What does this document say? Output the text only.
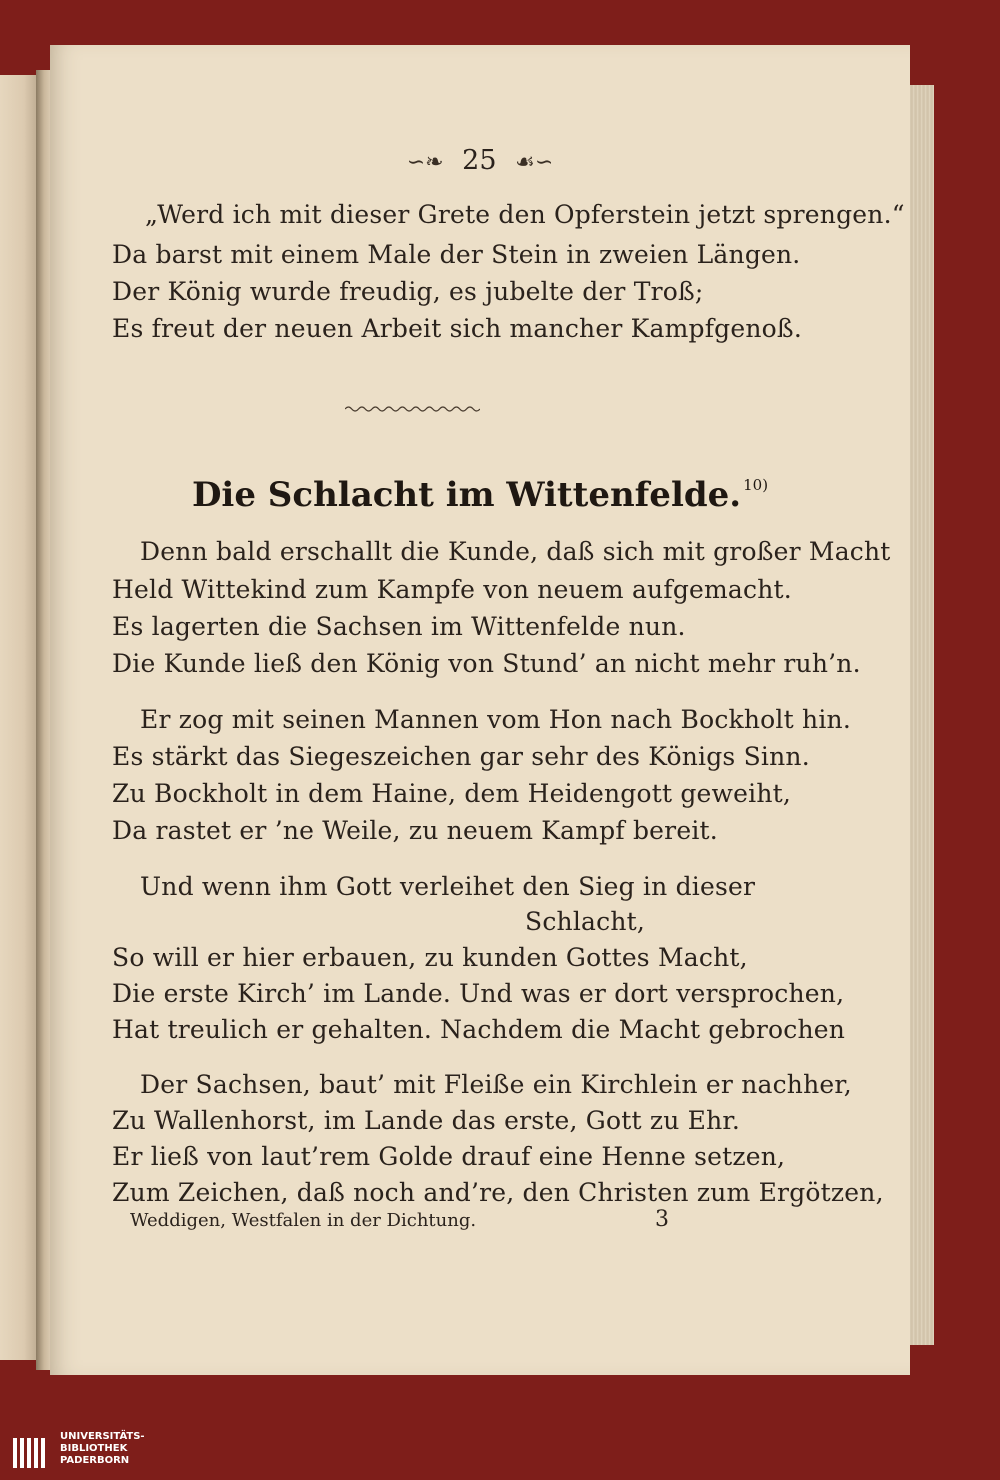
∽❧ 25 ☙∽
„Werd ich mit dieser Grete den Opferstein jetzt sprengen.“
Da barst mit einem Male der Stein in zweien Längen.
Der König wurde freudig, es jubelte der Troß;
Es freut der neuen Arbeit sich mancher Kampfgenoß.
Die Schlacht im Wittenfelde. $^{10)}$
Denn bald erschallt die Kunde, daß sich mit großer Macht
Held Wittekind zum Kampfe von neuem aufgemacht.
Es lagerten die Sachsen im Wittenfelde nun.
Die Kunde ließ den König von Stund’ an nicht mehr ruh’n.
Er zog mit seinen Mannen vom Hon nach Bockholt hin.
Es stärkt das Siegeszeichen gar sehr des Königs Sinn.
Zu Bockholt in dem Haine, dem Heidengott geweiht,
Da rastet er ’ne Weile, zu neuem Kampf bereit.
Und wenn ihm Gott verleihet den Sieg in dieser
Schlacht,
So will er hier erbauen, zu kunden Gottes Macht,
Die erste Kirch’ im Lande. Und was er dort versprochen,
Hat treulich er gehalten. Nachdem die Macht gebrochen
Der Sachsen, baut’ mit Fleiße ein Kirchlein er nachher,
Zu Wallenhorst, im Lande das erste, Gott zu Ehr.
Er ließ von laut’rem Golde drauf eine Henne setzen,
Zum Zeichen, daß noch and’re, den Christen zum Ergötzen,
Weddigen, Westfalen in der Dichtung.	3
UNIVERSITÄTS-
BIBLIOTHEK
PADERBORN
